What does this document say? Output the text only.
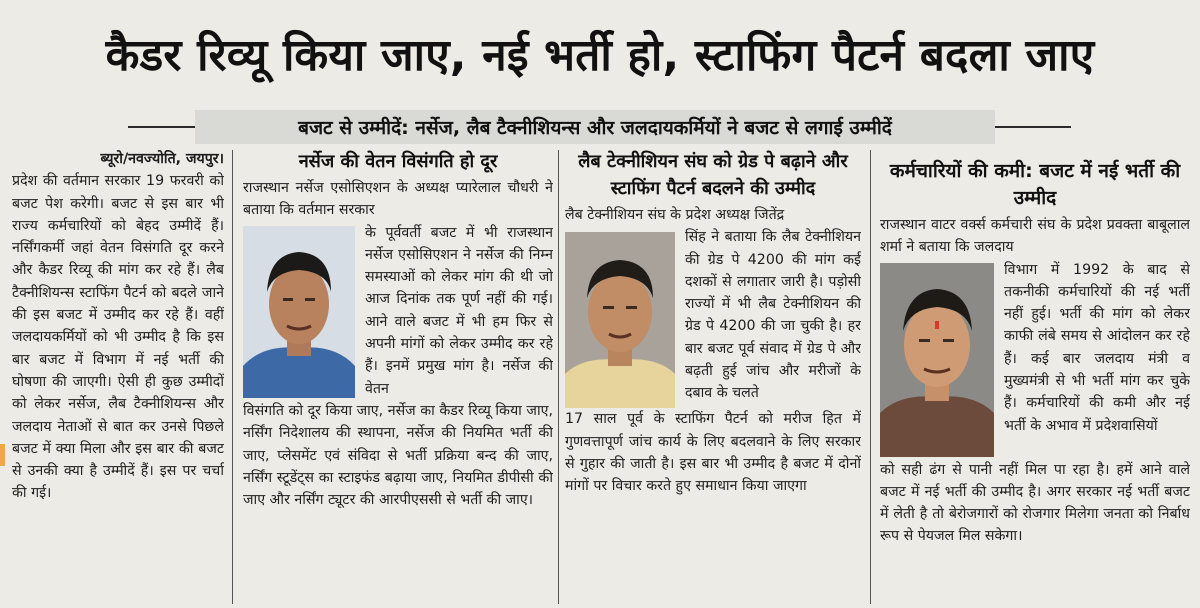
कैडर रिव्यू किया जाए, नई भर्ती हो, स्टाफिंग पैटर्न बदला जाए
बजट से उम्मीदें: नर्सेज, लैब टैक्नीशियन्स और जलदायकर्मियों ने बजट से लगाई उम्मीदें
ब्यूरो/नवज्योति, जयपुर।

प्रदेश की वर्तमान सरकार 19 फरवरी को बजट पेश करेगी। बजट से इस बार भी राज्य कर्मचारियों को बेहद उम्मीदें हैं। नर्सिंगकर्मी जहां वेतन विसंगति दूर करने और कैडर रिव्यू की मांग कर रहे हैं। लैब टैक्नीशियन्स स्टाफिंग पैटर्न को बदले जाने की इस बजट में उम्मीद कर रहे हैं। वहीं जलदायकर्मियों को भी उम्मीद है कि इस बार बजट में विभाग में नई भर्ती की घोषणा की जाएगी। ऐसी ही कुछ उम्मीदों को लेकर नर्सेज, लैब टैक्नीशियन्स और जलदाय नेताओं से बात कर उनसे पिछले बजट में क्या मिला और इस बार की बजट से उनकी क्या है उम्मीदें हैं। इस पर चर्चा की गई।

नर्सेज की वेतन विसंगति हो दूर

राजस्थान नर्सेज एसोसिएशन के अध्यक्ष प्यारेलाल चौधरी ने बताया कि वर्तमान सरकार

के पूर्ववर्ती बजट में भी राजस्थान नर्सेज एसोसिएशन ने नर्सेज की निम्न समस्याओं को लेकर मांग की थी जो आज दिनांक तक पूर्ण नहीं की गई। आने वाले बजट में भी हम फिर से अपनी मांगों को लेकर उम्मीद कर रहे हैं। इनमें प्रमुख मांग है। नर्सेज की वेतन

विसंगति को दूर किया जाए, नर्सेज का कैडर रिव्यू किया जाए, नर्सिंग निदेशालय की स्थापना, नर्सेज की नियमित भर्ती की जाए, प्लेसमेंट एवं संविदा से भर्ती प्रक्रिया बन्द की जाए, नर्सिंग स्टूडेंट्स का स्टाइफंड बढ़ाया जाए, नियमित डीपीसी की जाए और नर्सिंग ट्यूटर की आरपीएससी से भर्ती की जाए।

लैब टेक्नीशियन संघ को ग्रेड पे बढ़ाने और स्टाफिंग पैटर्न बदलने की उम्मीद

लैब टेक्नीशियन संघ के प्रदेश अध्यक्ष जितेंद्र

सिंह ने बताया कि लैब टेक्नीशियन की ग्रेड पे 4200 की मांग कई दशकों से लगातार जारी है। पड़ोसी राज्यों में भी लैब टेक्नीशियन की ग्रेड पे 4200 की जा चुकी है। हर बार बजट पूर्व संवाद में ग्रेड पे और बढ़ती हुई जांच और मरीजों के दबाव के चलते

17 साल पूर्व के स्टाफिंग पैटर्न को मरीज हित में गुणवत्तापूर्ण जांच कार्य के लिए बदलवाने के लिए सरकार से गुहार की जाती है। इस बार भी उम्मीद है बजट में दोनों मांगों पर विचार करते हुए समाधान किया जाएगा

कर्मचारियों की कमी: बजट में नई भर्ती की उम्मीद

राजस्थान वाटर वर्क्स कर्मचारी संघ के प्रदेश प्रवक्ता बाबूलाल शर्मा ने बताया कि जलदाय

विभाग में 1992 के बाद से तकनीकी कर्मचारियों की नई भर्ती नहीं हुई। भर्ती की मांग को लेकर काफी लंबे समय से आंदोलन कर रहे हैं। कई बार जलदाय मंत्री व मुख्यमंत्री से भी भर्ती मांग कर चुके हैं। कर्मचारियों की कमी और नई भर्ती के अभाव में प्रदेशवासियों

को सही ढंग से पानी नहीं मिल पा रहा है। हमें आने वाले बजट में नई भर्ती की उम्मीद है। अगर सरकार नई भर्ती बजट में लेती है तो बेरोजगारों को रोजगार मिलेगा जनता को निर्बाध रूप से पेयजल मिल सकेगा।
